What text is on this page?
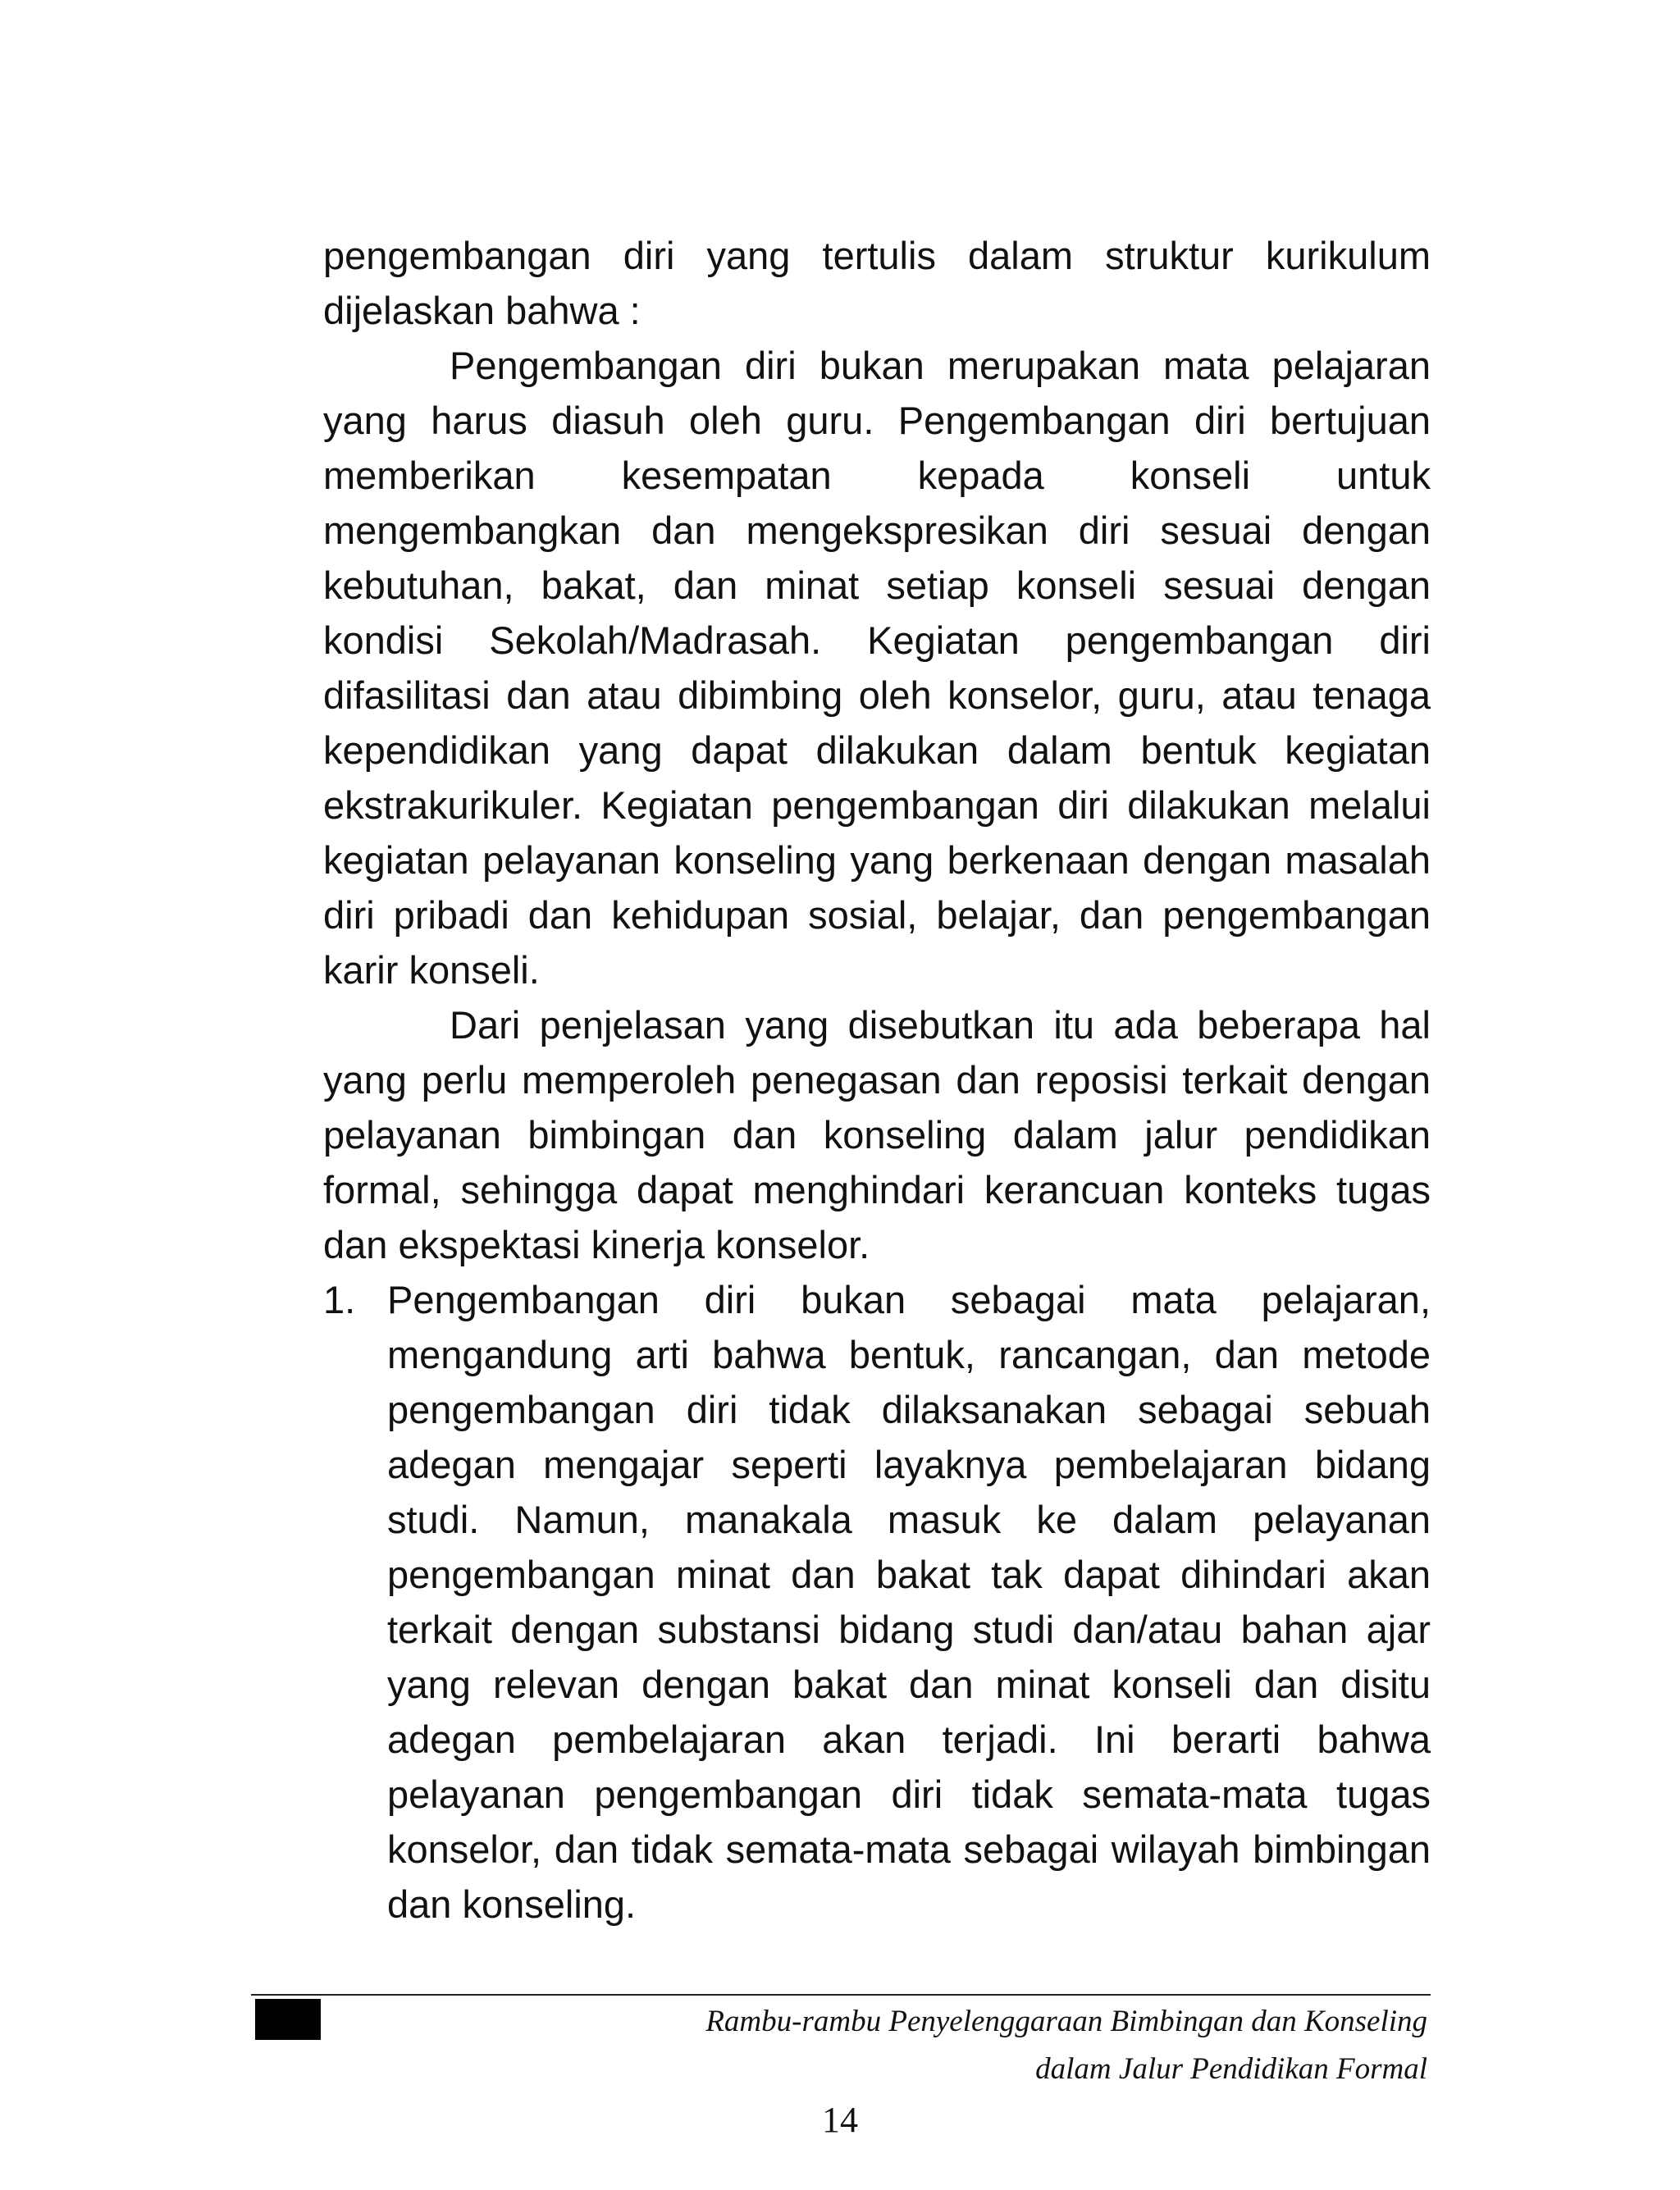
pengembangan diri yang tertulis dalam struktur kurikulum dijelaskan bahwa :

Pengembangan diri bukan merupakan mata pelajaran yang harus diasuh oleh guru. Pengembangan diri bertujuan memberikan kesempatan kepada konseli untuk mengembangkan dan mengekspresikan diri sesuai dengan kebutuhan, bakat, dan minat setiap konseli sesuai dengan kondisi Sekolah/Madrasah. Kegiatan pengembangan diri difasilitasi dan atau dibimbing oleh konselor, guru, atau tenaga kependidikan yang dapat dilakukan dalam bentuk kegiatan ekstrakurikuler. Kegiatan pengembangan diri dilakukan melalui kegiatan pelayanan konseling yang berkenaan dengan masalah diri pribadi dan kehidupan sosial, belajar, dan pengembangan karir konseli.

Dari penjelasan yang disebutkan itu ada beberapa hal yang perlu memperoleh penegasan dan reposisi terkait dengan pelayanan bimbingan dan konseling dalam jalur pendidikan formal, sehingga dapat menghindari kerancuan konteks tugas dan ekspektasi kinerja konselor.

1. Pengembangan diri bukan sebagai mata pelajaran, mengandung arti bahwa bentuk, rancangan, dan metode pengembangan diri tidak dilaksanakan sebagai sebuah adegan mengajar seperti layaknya pembelajaran bidang studi. Namun, manakala masuk ke dalam pelayanan pengembangan minat dan bakat tak dapat dihindari akan terkait dengan substansi bidang studi dan/atau bahan ajar yang relevan dengan bakat dan minat konseli dan disitu adegan pembelajaran akan terjadi. Ini berarti bahwa pelayanan pengembangan diri tidak semata-mata tugas konselor, dan tidak semata-mata sebagai wilayah bimbingan dan konseling.
Rambu-rambu Penyelenggaraan Bimbingan dan Konseling
dalam Jalur Pendidikan Formal
14
